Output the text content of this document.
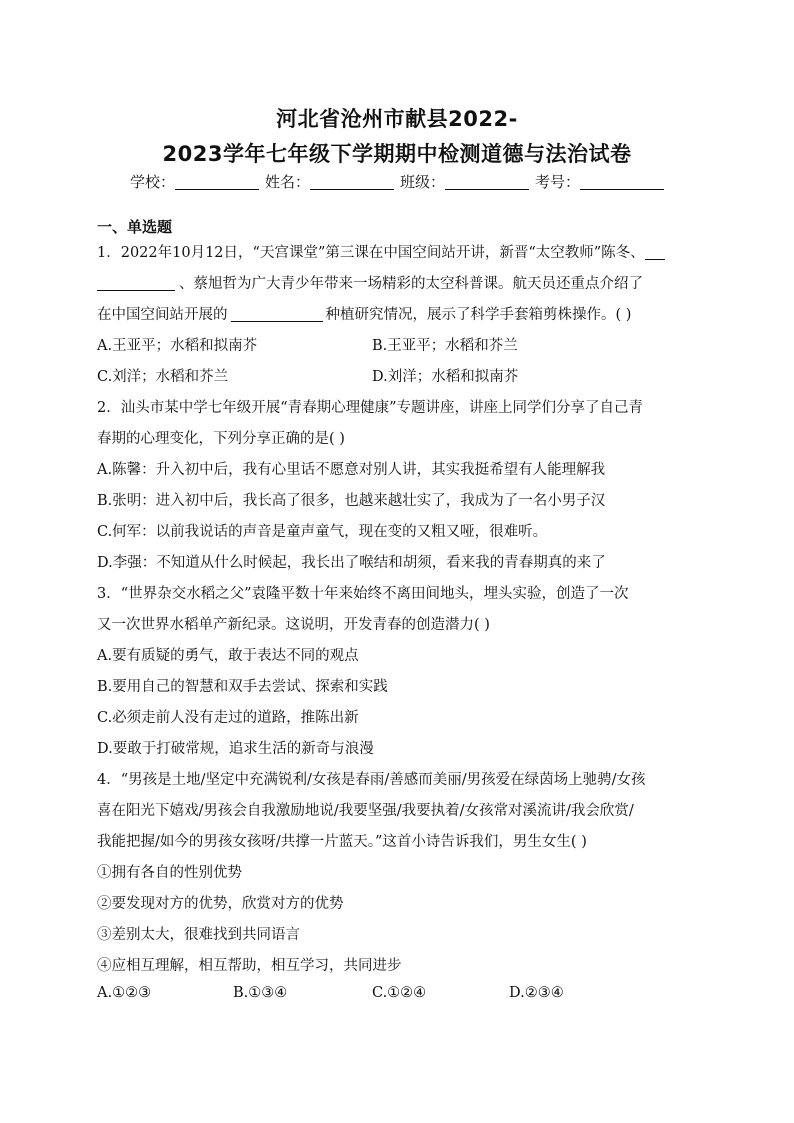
河北省沧州市献县2022-
2023学年七年级下学期期中检测道德与法治试卷
学校：	姓名：	班级：	考号：
一、单选题
1．2022年10月12日，“天宫课堂”第三课在中国空间站开讲，新晋“太空教师”陈冬、
、蔡旭哲为广大青少年带来一场精彩的太空科普课。航天员还重点介绍了
在中国空间站开展的	种植研究情况，展示了科学手套箱剪株操作。( )
A.王亚平；水稻和拟南芥	B.王亚平；水稻和芥兰
C.刘洋；水稻和芥兰	D.刘洋；水稻和拟南芥
2．汕头市某中学七年级开展“青春期心理健康”专题讲座，讲座上同学们分享了自己青
春期的心理变化，下列分享正确的是( )
A.陈馨：升入初中后，我有心里话不愿意对别人讲，其实我挺希望有人能理解我
B.张明：进入初中后，我长高了很多，也越来越壮实了，我成为了一名小男子汉
C.何军：以前我说话的声音是童声童气，现在变的又粗又哑，很难听。
D.李强：不知道从什么时候起，我长出了喉结和胡须，看来我的青春期真的来了
3．“世界杂交水稻之父”袁隆平数十年来始终不离田间地头，埋头实验，创造了一次
又一次世界水稻单产新纪录。这说明，开发青春的创造潜力( )
A.要有质疑的勇气，敢于表达不同的观点
B.要用自己的智慧和双手去尝试、探索和实践
C.必须走前人没有走过的道路，推陈出新
D.要敢于打破常规，追求生活的新奇与浪漫
4．“男孩是土地/坚定中充满锐利/女孩是春雨/善感而美丽/男孩爱在绿茵场上驰骋/女孩
喜在阳光下嬉戏/男孩会自我激励地说/我要坚强/我要执着/女孩常对溪流讲/我会欣赏/
我能把握/如今的男孩女孩呀/共撑一片蓝天。”这首小诗告诉我们，男生女生( )
①拥有各自的性别优势
②要发现对方的优势，欣赏对方的优势
③差别太大，很难找到共同语言
④应相互理解，相互帮助，相互学习，共同进步
A.①②③	B.①③④	C.①②④	D.②③④
